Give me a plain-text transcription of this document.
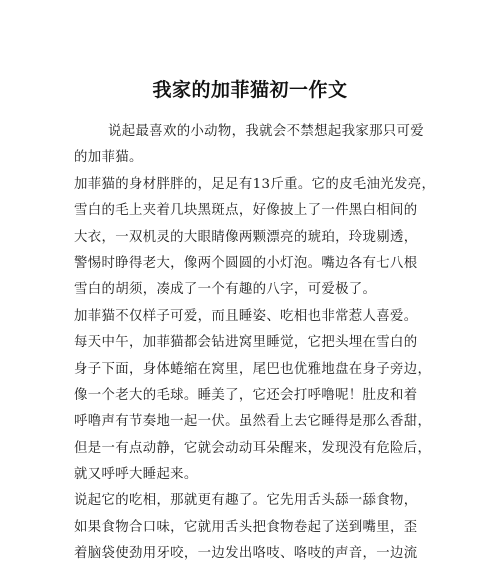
我家的加菲猫初一作文
说起最喜欢的小动物，我就会不禁想起我家那只可爱
的加菲猫。
加菲猫的身材胖胖的，足足有13斤重。它的皮毛油光发亮，
雪白的毛上夹着几块黑斑点，好像披上了一件黑白相间的
大衣，一双机灵的大眼睛像两颗漂亮的琥珀，玲珑剔透，
警惕时睁得老大，像两个圆圆的小灯泡。嘴边各有七八根
雪白的胡须，凑成了一个有趣的八字，可爱极了。
加菲猫不仅样子可爱，而且睡姿、吃相也非常惹人喜爱。
每天中午，加菲猫都会钻进窝里睡觉，它把头埋在雪白的
身子下面，身体蜷缩在窝里，尾巴也优雅地盘在身子旁边，
像一个老大的毛球。睡美了，它还会打呼噜呢！肚皮和着
呼噜声有节奏地一起一伏。虽然看上去它睡得是那么香甜，
但是一有点动静，它就会动动耳朵醒来，发现没有危险后，
就又呼呼大睡起来。
说起它的吃相，那就更有趣了。它先用舌头舔一舔食物，
如果食物合口味，它就用舌头把食物卷起了送到嘴里，歪
着脑袋使劲用牙咬，一边发出咯吱、咯吱的声音，一边流
